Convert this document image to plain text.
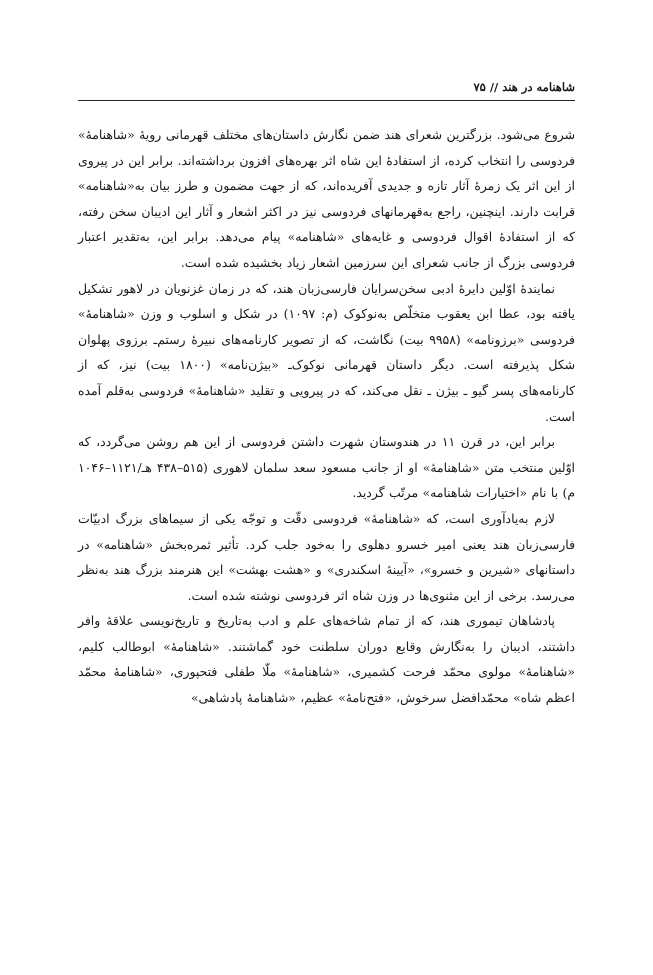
شاهنامه در هند // ۷۵

شروع می‌شود. بزرگترین شعرای هند ضمن نگارش داستان‌های مختلف قهرمانی رویهٔ «شاهنامهٔ» فردوسی را انتخاب کرده، از استفادهٔ این شاه اثر بهره‌های افزون برداشته‌اند. برابر این در پیروی از این اثر یک زمرهٔ آثار تازه و جدیدی آفریده‌اند، که از جهت مضمون و طرز بیان به«شاهنامه» قرابت دارند. اینچنین، راجع به‌قهرمانهای فردوسی نیز در اکثر اشعار و آثار این ادیبان سخن رفته، که از استفادهٔ اقوال فردوسی و غایه‌های «شاهنامه» پیام می‌دهد. برابر این، به‌تقدیر اعتبار فردوسی بزرگ از جانب شعرای این سرزمین اشعار زیاد بخشیده شده است.

نمایندهٔ اوّلین دایرهٔ ادبی سخن‌سرایان فارسی‌زبان هند، که در زمان غزنویان در لاهور تشکیل یافته بود، عطا ابن یعقوب متخلّص به‌نوکوک (م: ۱۰۹۷) در شکل و اسلوب و وزن «شاهنامهٔ» فردوسی «برزونامه» (۹۹۵۸ بیت) نگاشت، که از تصویر کارنامه‌های نبیرهٔ رستم‌ـ برزوی پهلوان شکل پذیرفته است. دیگر داستان قهرمانی نوکوک‌ـ «بیژن‌نامه» (۱۸۰۰ بیت) نیز، که از کارنامه‌های پسر گیو ـ بیژن ـ نقل می‌کند، که در پیرویی و تقلید «شاهنامهٔ» فردوسی به‌قلم آمده است.

برابر این، در قرن ۱۱ در هندوستان شهرت داشتن فردوسی از این هم روشن می‌گردد، که اوّلین منتخب متن «شاهنامهٔ» او از جانب مسعود سعد سلمان لاهوری (۵۱۵–۴۳۸ هـ/۱۱۲۱–۱۰۴۶ م) با نام «اختیارات شاهنامه» مرتّب گردید.

لازم به‌یادآوری است، که «شاهنامهٔ» فردوسی دقّت و توجّه یکی از سیماهای بزرگ ادبیّات فارسی‌زبان هند یعنی امیر خسرو دهلوی را به‌خود جلب کرد. تأثیر ثمره‌بخش «شاهنامه» در داستانهای «شیرین و خسرو»، «آیینهٔ اسکندری» و «هشت بهشت» این هنرمند بزرگ هند به‌نظر می‌رسد. برخی از این مثنوی‌ها در وزن شاه اثر فردوسی نوشته شده است.

پادشاهان تیموری هند، که از تمام شاخه‌های علم و ادب به‌تاریخ و تاریخ‌نویسی علاقهٔ وافر داشتند، ادیبان را به‌نگارش وقایع دوران سلطنت خود گماشتند. «شاهنامهٔ» ابوطالب کلیم، «شاهنامهٔ» مولوی محمّد فرحت کشمیری، «شاهنامهٔ» ملّا طفلی فتحپوری، «شاهنامهٔ محمّد اعظم شاه» محمّدافضل سرخوش، «فتح‌نامهٔ» عظیم، «شاهنامهٔ پادشاهی»
